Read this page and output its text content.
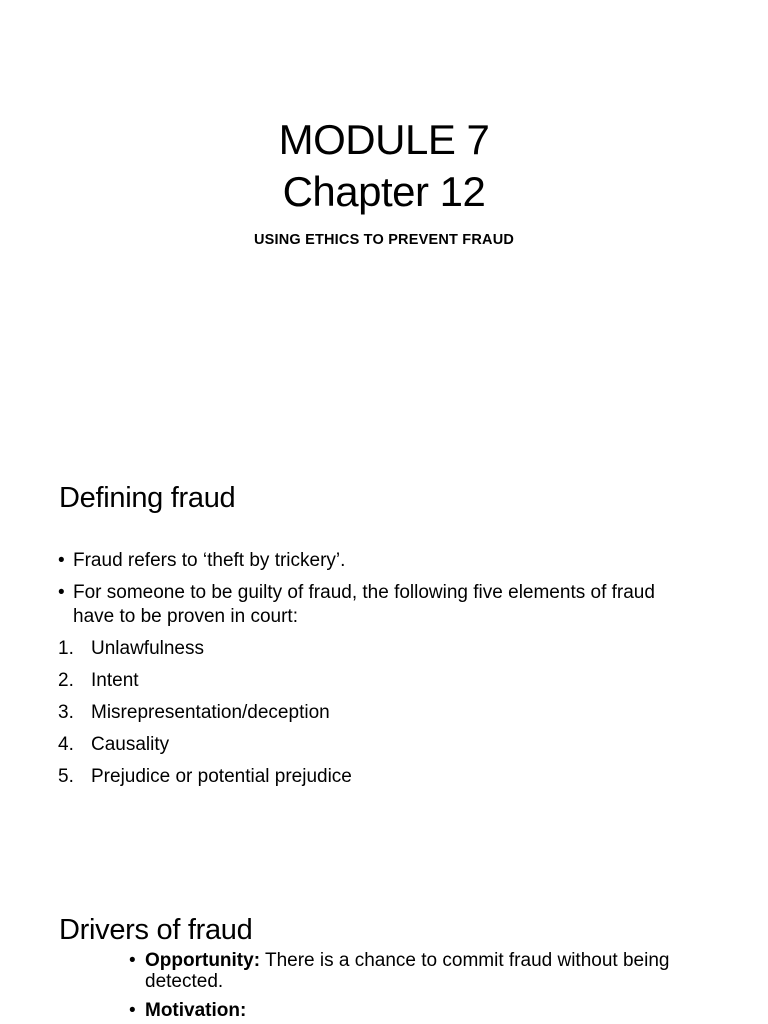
MODULE 7
Chapter 12
USING ETHICS TO PREVENT FRAUD
Defining fraud
• Fraud refers to ‘theft by trickery’.
• For someone to be guilty of fraud, the following five elements of fraud have to be proven in court:
1. Unlawfulness
2. Intent
3. Misrepresentation/deception
4. Causality
5. Prejudice or potential prejudice
Drivers of fraud
• Opportunity: There is a chance to commit fraud without being detected.
• Motivation:
